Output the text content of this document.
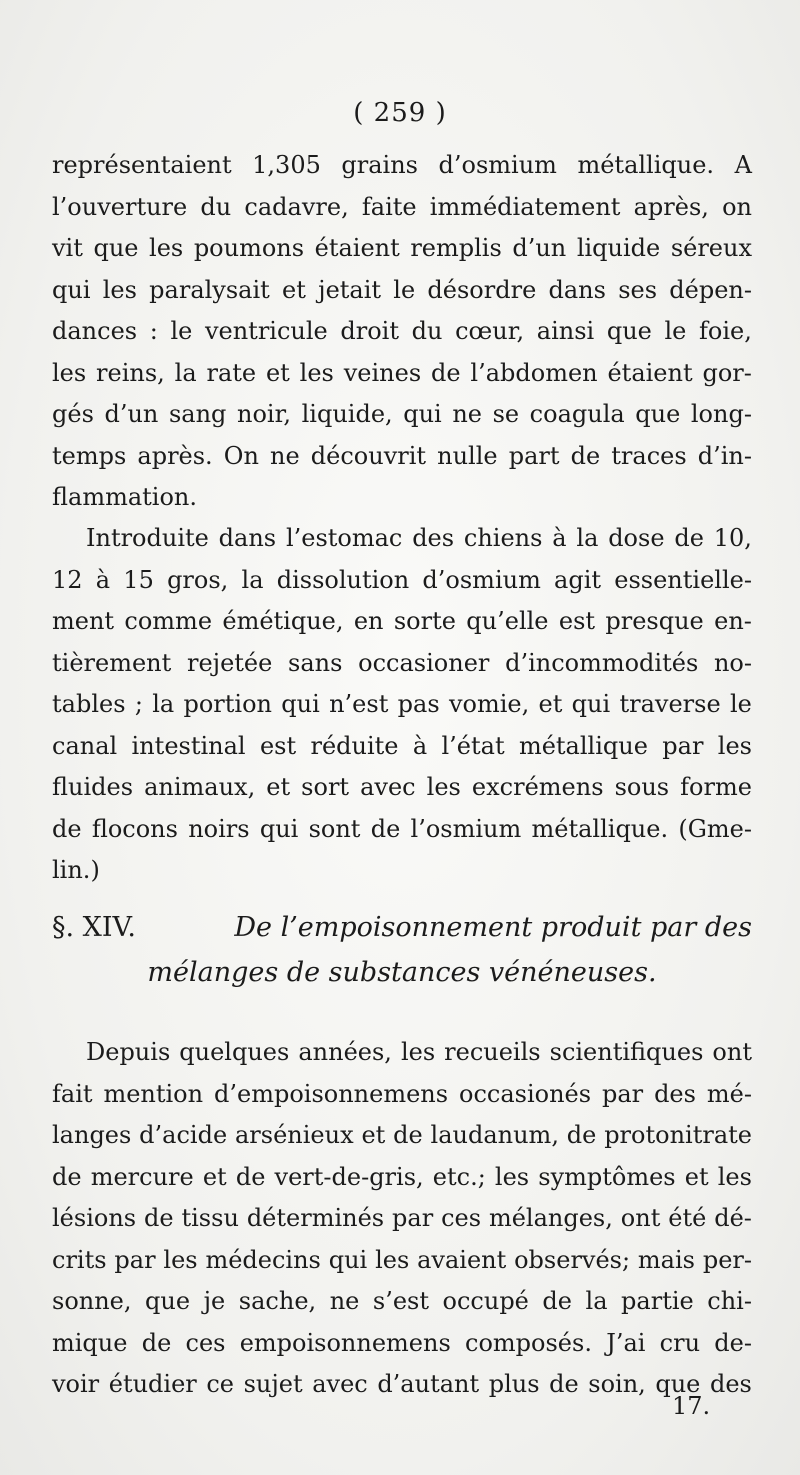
( 259 )
représentaient 1,305 grains d’osmium métallique. A
l’ouverture du cadavre, faite immédiatement après, on
vit que les poumons étaient remplis d’un liquide séreux
qui les paralysait et jetait le désordre dans ses dépen-
dances : le ventricule droit du cœur, ainsi que le foie,
les reins, la rate et les veines de l’abdomen étaient gor-
gés d’un sang noir, liquide, qui ne se coagula que long-
temps après. On ne découvrit nulle part de traces d’in-
flammation.
Introduite dans l’estomac des chiens à la dose de 10,
12 à 15 gros, la dissolution d’osmium agit essentielle-
ment comme émétique, en sorte qu’elle est presque en-
tièrement rejetée sans occasioner d’incommodités no-
tables ; la portion qui n’est pas vomie, et qui traverse le
canal intestinal est réduite à l’état métallique par les
fluides animaux, et sort avec les excrémens sous forme
de flocons noirs qui sont de l’osmium métallique. (Gme-
lin.)
§. XIV.	De l’empoisonnement produit par des
mélanges de substances vénéneuses.
Depuis quelques années, les recueils scientifiques ont
fait mention d’empoisonnemens occasionés par des mé-
langes d’acide arsénieux et de laudanum, de protonitrate
de mercure et de vert-de-gris, etc.; les symptômes et les
lésions de tissu déterminés par ces mélanges, ont été dé-
crits par les médecins qui les avaient observés; mais per-
sonne, que je sache, ne s’est occupé de la partie chi-
mique de ces empoisonnemens composés. J’ai cru de-
voir étudier ce sujet avec d’autant plus de soin, que des
17.
